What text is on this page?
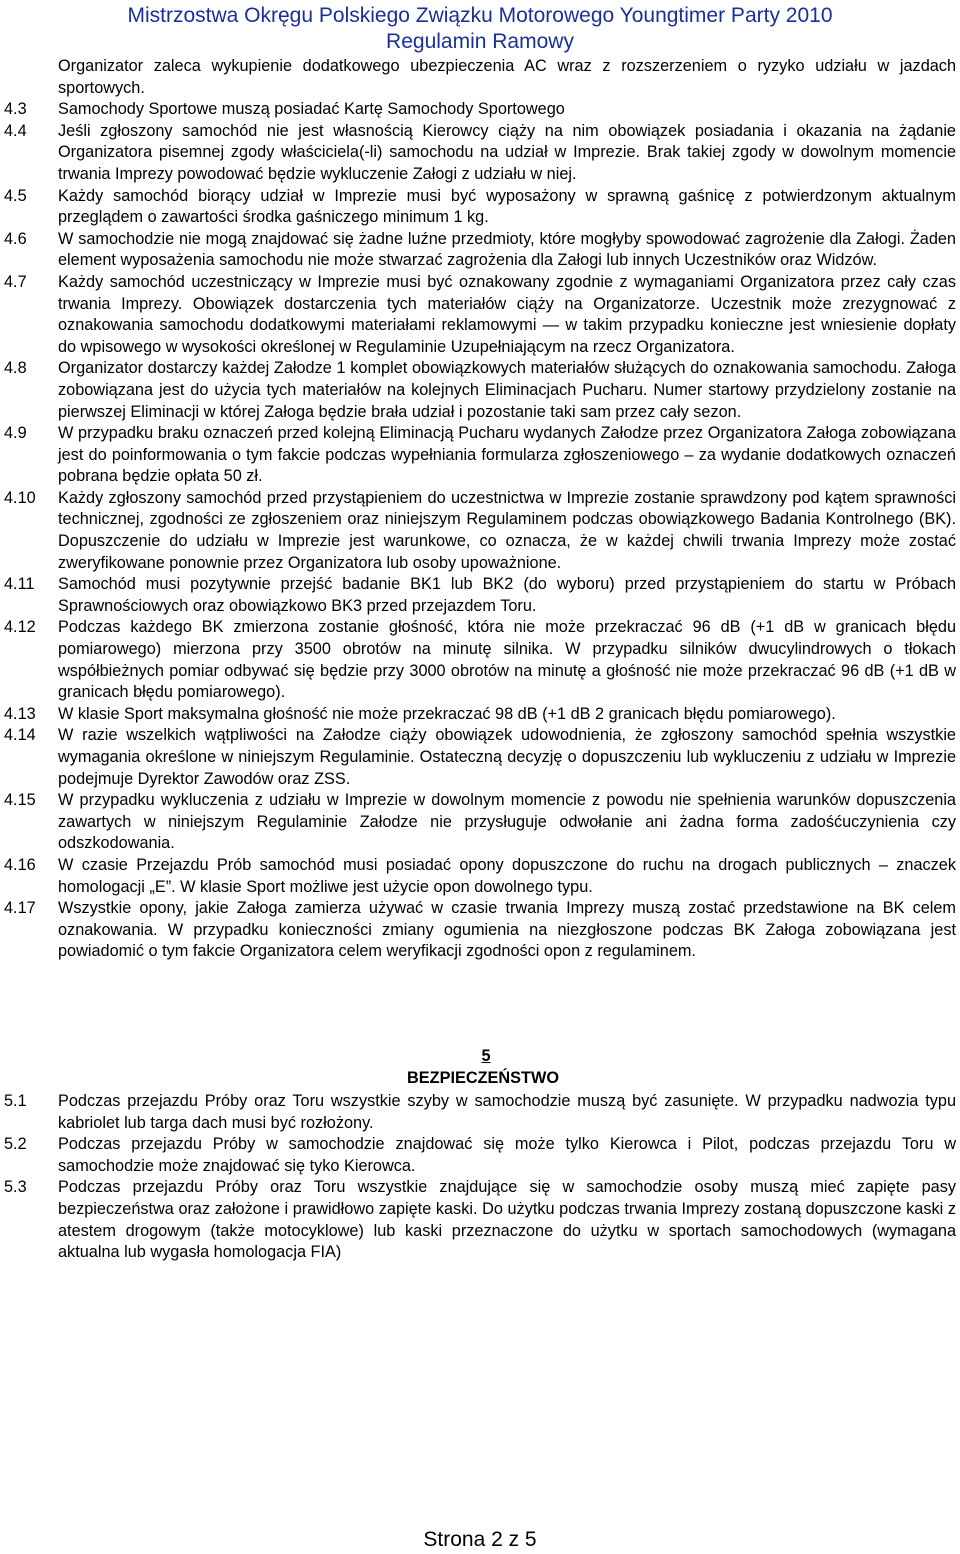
Mistrzostwa Okręgu Polskiego Związku Motorowego Youngtimer Party 2010
Regulamin Ramowy
Organizator zaleca wykupienie dodatkowego ubezpieczenia AC wraz z rozszerzeniem o ryzyko udziału w jazdach sportowych.
4.3	Samochody Sportowe muszą posiadać Kartę Samochody Sportowego
4.4	Jeśli zgłoszony samochód nie jest własnością Kierowcy ciąży na nim obowiązek posiadania i okazania na żądanie Organizatora pisemnej zgody właściciela(-li) samochodu na udział w Imprezie. Brak takiej zgody w dowolnym momencie trwania Imprezy powodować będzie wykluczenie Załogi z udziału w niej.
4.5	Każdy samochód biorący udział w Imprezie musi być wyposażony w sprawną gaśnicę z potwierdzonym aktualnym przeglądem o zawartości środka gaśniczego minimum 1 kg.
4.6	W samochodzie nie mogą znajdować się żadne luźne przedmioty, które mogłyby spowodować zagrożenie dla Załogi. Żaden element wyposażenia samochodu nie może stwarzać zagrożenia dla Załogi lub innych Uczestników oraz Widzów.
4.7	Każdy samochód uczestniczący w Imprezie musi być oznakowany zgodnie z wymaganiami Organizatora przez cały czas trwania Imprezy. Obowiązek dostarczenia tych materiałów ciąży na Organizatorze. Uczestnik może zrezygnować z oznakowania samochodu dodatkowymi materiałami reklamowymi — w takim przypadku konieczne jest wniesienie dopłaty do wpisowego w wysokości określonej w Regulaminie Uzupełniającym na rzecz Organizatora.
4.8	Organizator dostarczy każdej Załodze 1 komplet obowiązkowych materiałów służących do oznakowania samochodu. Załoga zobowiązana jest do użycia tych materiałów na kolejnych Eliminacjach Pucharu. Numer startowy przydzielony zostanie na pierwszej Eliminacji w której Załoga będzie brała udział i pozostanie taki sam przez cały sezon.
4.9	W przypadku braku oznaczeń przed kolejną Eliminacją Pucharu wydanych Załodze przez Organizatora Załoga zobowiązana jest do poinformowania o tym fakcie podczas wypełniania formularza zgłoszeniowego – za wydanie dodatkowych oznaczeń pobrana będzie opłata 50 zł.
4.10	Każdy zgłoszony samochód przed przystąpieniem do uczestnictwa w Imprezie zostanie sprawdzony pod kątem sprawności technicznej, zgodności ze zgłoszeniem oraz niniejszym Regulaminem podczas obowiązkowego Badania Kontrolnego (BK). Dopuszczenie do udziału w Imprezie jest warunkowe, co oznacza, że w każdej chwili trwania Imprezy może zostać zweryfikowane ponownie przez Organizatora lub osoby upoważnione.
4.11	Samochód musi pozytywnie przejść badanie BK1 lub BK2 (do wyboru) przed przystąpieniem do startu w Próbach Sprawnościowych oraz obowiązkowo BK3 przed przejazdem Toru.
4.12	Podczas każdego BK zmierzona zostanie głośność, która nie może przekraczać 96 dB (+1 dB w granicach błędu pomiarowego) mierzona przy 3500 obrotów na minutę silnika. W przypadku silników dwucylindrowych o tłokach współbieżnych pomiar odbywać się będzie przy 3000 obrotów na minutę a głośność nie może przekraczać 96 dB (+1 dB w granicach błędu pomiarowego).
4.13	W klasie Sport maksymalna głośność nie może przekraczać 98 dB (+1 dB 2 granicach błędu pomiarowego).
4.14	W razie wszelkich wątpliwości na Załodze ciąży obowiązek udowodnienia, że zgłoszony samochód spełnia wszystkie wymagania określone w niniejszym Regulaminie. Ostateczną decyzję o dopuszczeniu lub wykluczeniu z udziału w Imprezie podejmuje Dyrektor Zawodów oraz ZSS.
4.15	W przypadku wykluczenia z udziału w Imprezie w dowolnym momencie z powodu nie spełnienia warunków dopuszczenia zawartych w niniejszym Regulaminie Załodze nie przysługuje odwołanie ani żadna forma zadośćuczynienia czy odszkodowania.
4.16	W czasie Przejazdu Prób samochód musi posiadać opony dopuszczone do ruchu na drogach publicznych – znaczek homologacji „E”. W klasie Sport możliwe jest użycie opon dowolnego typu.
4.17	Wszystkie opony, jakie Załoga zamierza używać w czasie trwania Imprezy muszą zostać przedstawione na BK celem oznakowania. W przypadku konieczności zmiany ogumienia na niezgłoszone podczas BK Załoga zobowiązana jest powiadomić o tym fakcie Organizatora celem weryfikacji zgodności opon z regulaminem.
5
BEZPIECZEŃSTWO
5.1	Podczas przejazdu Próby oraz Toru wszystkie szyby w samochodzie muszą być zasunięte. W przypadku nadwozia typu kabriolet lub targa dach musi być rozłożony.
5.2	Podczas przejazdu Próby w samochodzie znajdować się może tylko Kierowca i Pilot, podczas przejazdu Toru w samochodzie może znajdować się tyko Kierowca.
5.3	Podczas przejazdu Próby oraz Toru wszystkie znajdujące się w samochodzie osoby muszą mieć zapięte pasy bezpieczeństwa oraz założone i prawidłowo zapięte kaski. Do użytku podczas trwania Imprezy zostaną dopuszczone kaski z atestem drogowym (także motocyklowe) lub kaski przeznaczone do użytku w sportach samochodowych (wymagana aktualna lub wygasła homologacja FIA)
Strona 2 z 5
